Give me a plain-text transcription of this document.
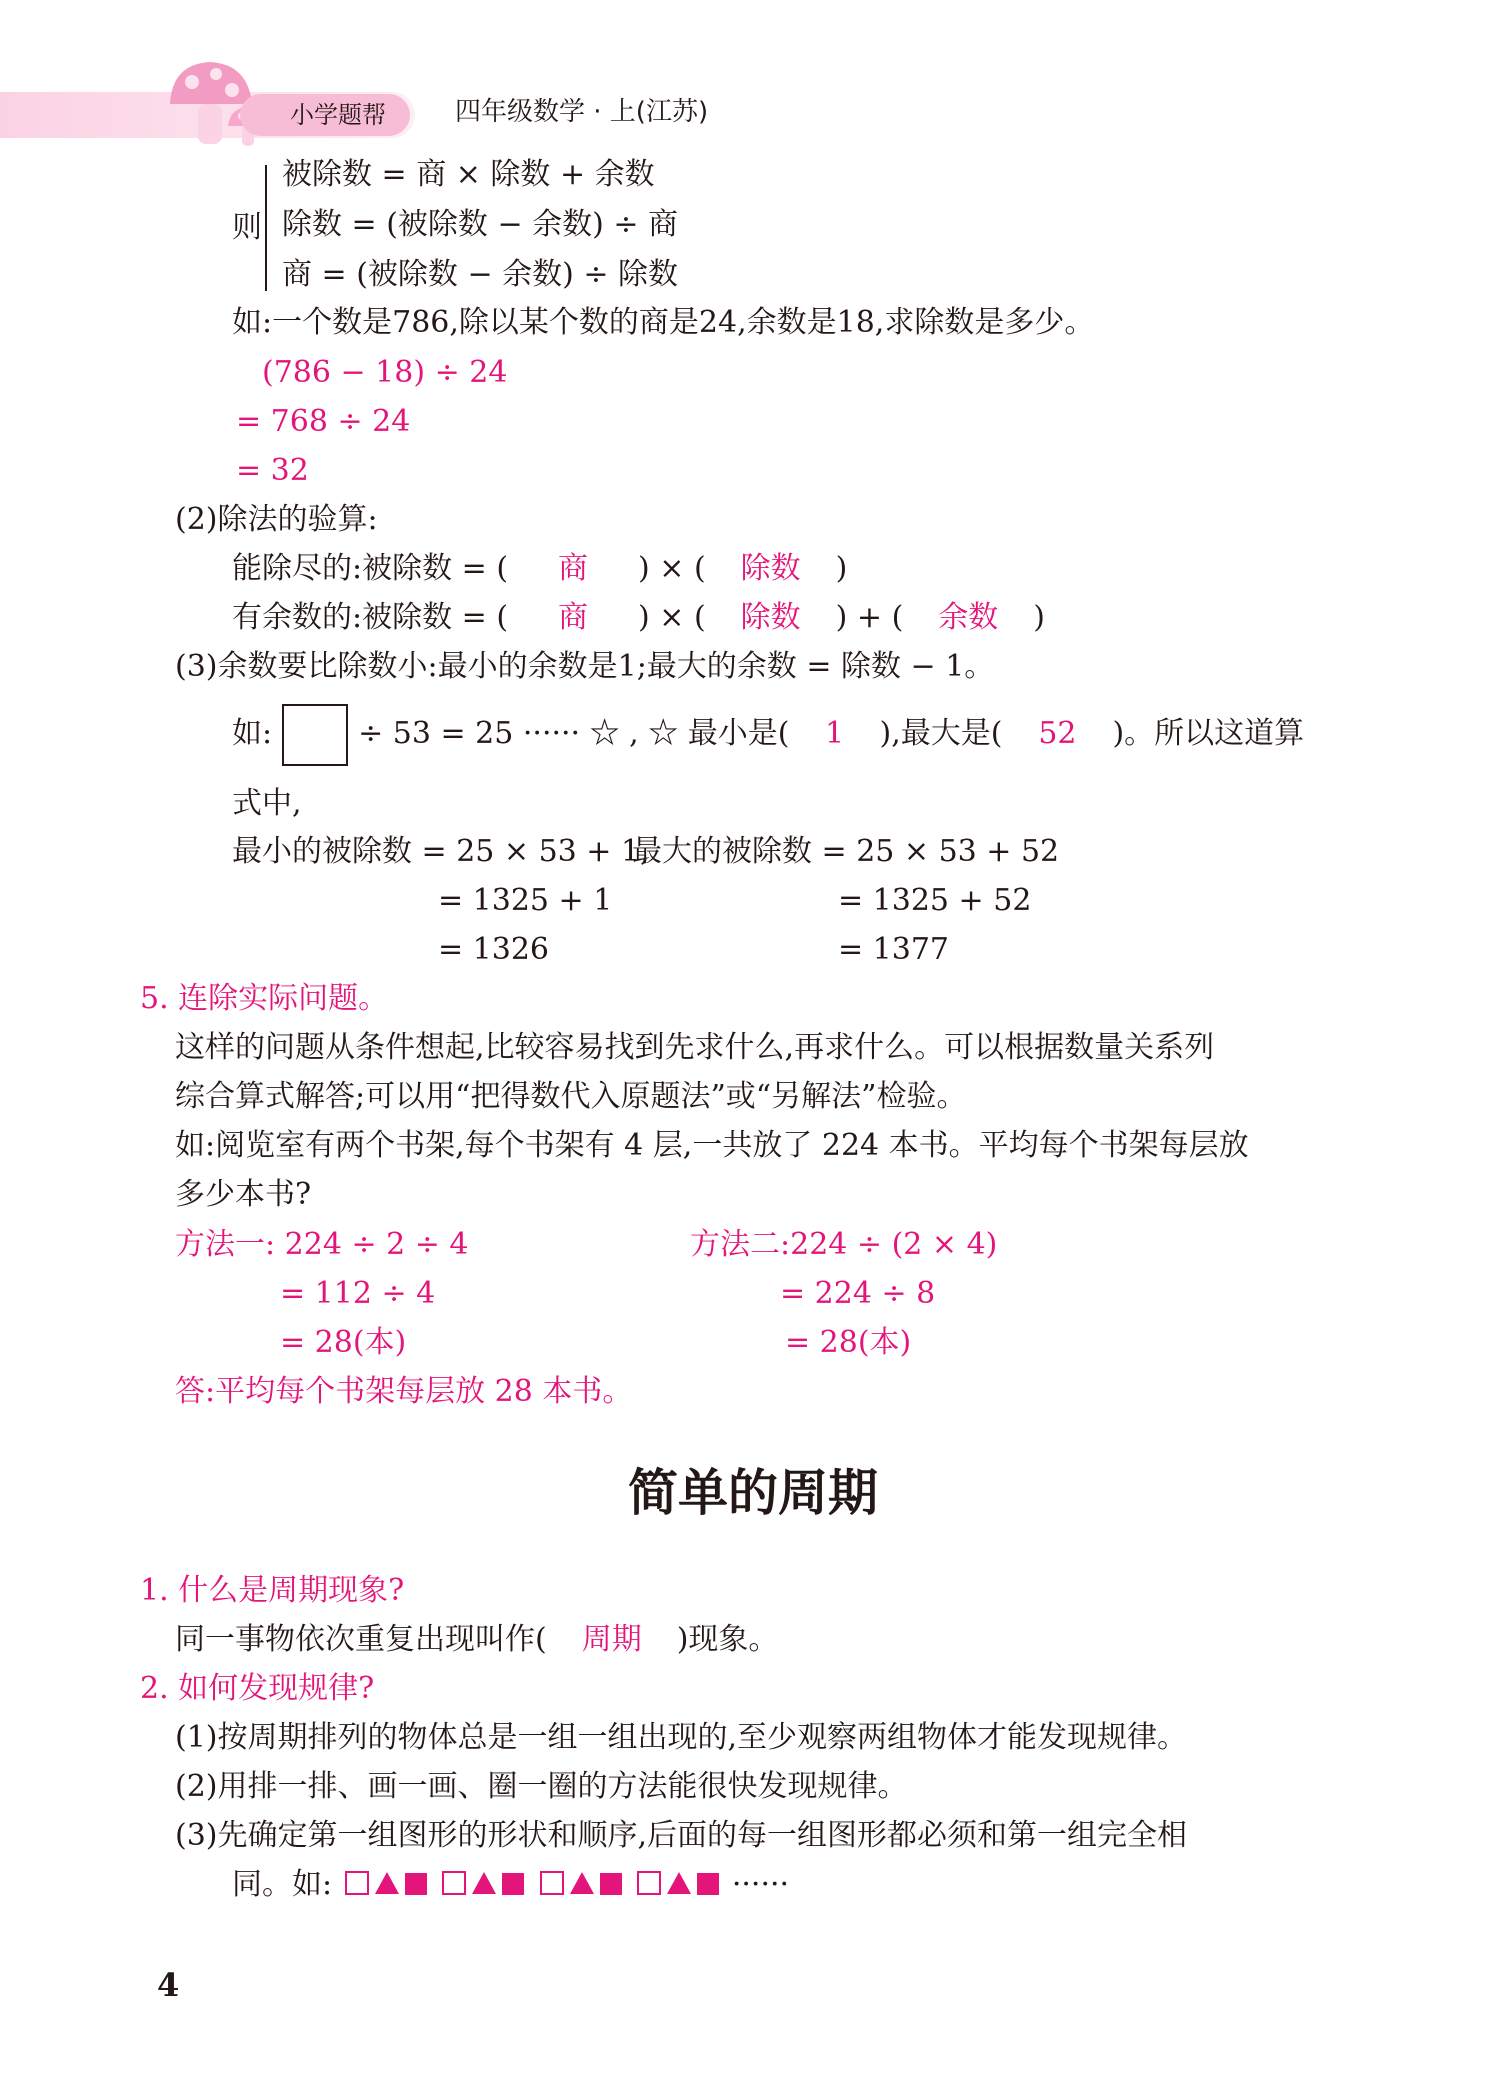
小学题帮	四年级数学 · 上(江苏)
则
被除数 = 商 × 除数 + 余数
除数 = (被除数 − 余数) ÷ 商
商 = (被除数 − 余数) ÷ 除数
如:一个数是786,除以某个数的商是24,余数是18,求除数是多少。
(786 − 18) ÷ 24
= 768 ÷ 24
= 32
(2)除法的验算:
能除尽的:被除数 = ( 商 ) × ( 除数 )
有余数的:被除数 = ( 商 ) × ( 除数 ) + ( 余数 )
(3)余数要比除数小:最小的余数是1;最大的余数 = 除数 − 1。
如:	÷ 53 = 25 ······ ☆ , ☆ 最小是( 1 ),最大是( 52 )。所以这道算
式中,
最小的被除数 = 25 × 53 + 1,
最大的被除数 = 25 × 53 + 52
= 1325 + 1	= 1325 + 52
= 1326	= 1377
5. 连除实际问题。
这样的问题从条件想起,比较容易找到先求什么,再求什么。可以根据数量关系列
综合算式解答;可以用“把得数代入原题法”或“另解法”检验。
如:阅览室有两个书架,每个书架有 4 层,一共放了 224 本书。平均每个书架每层放
多少本书?
方法一: 224 ÷ 2 ÷ 4
= 112 ÷ 4
= 28(本)
方法二:224 ÷ (2 × 4)
= 224 ÷ 8
= 28(本)
答:平均每个书架每层放 28 本书。
简单的周期
1. 什么是周期现象?
同一事物依次重复出现叫作( 周期 )现象。
2. 如何发现规律?
(1)按周期排列的物体总是一组一组出现的,至少观察两组物体才能发现规律。
(2)用排一排、画一画、圈一圈的方法能很快发现规律。
(3)先确定第一组图形的形状和顺序,后面的每一组图形都必须和第一组完全相
同。如:	······
4
